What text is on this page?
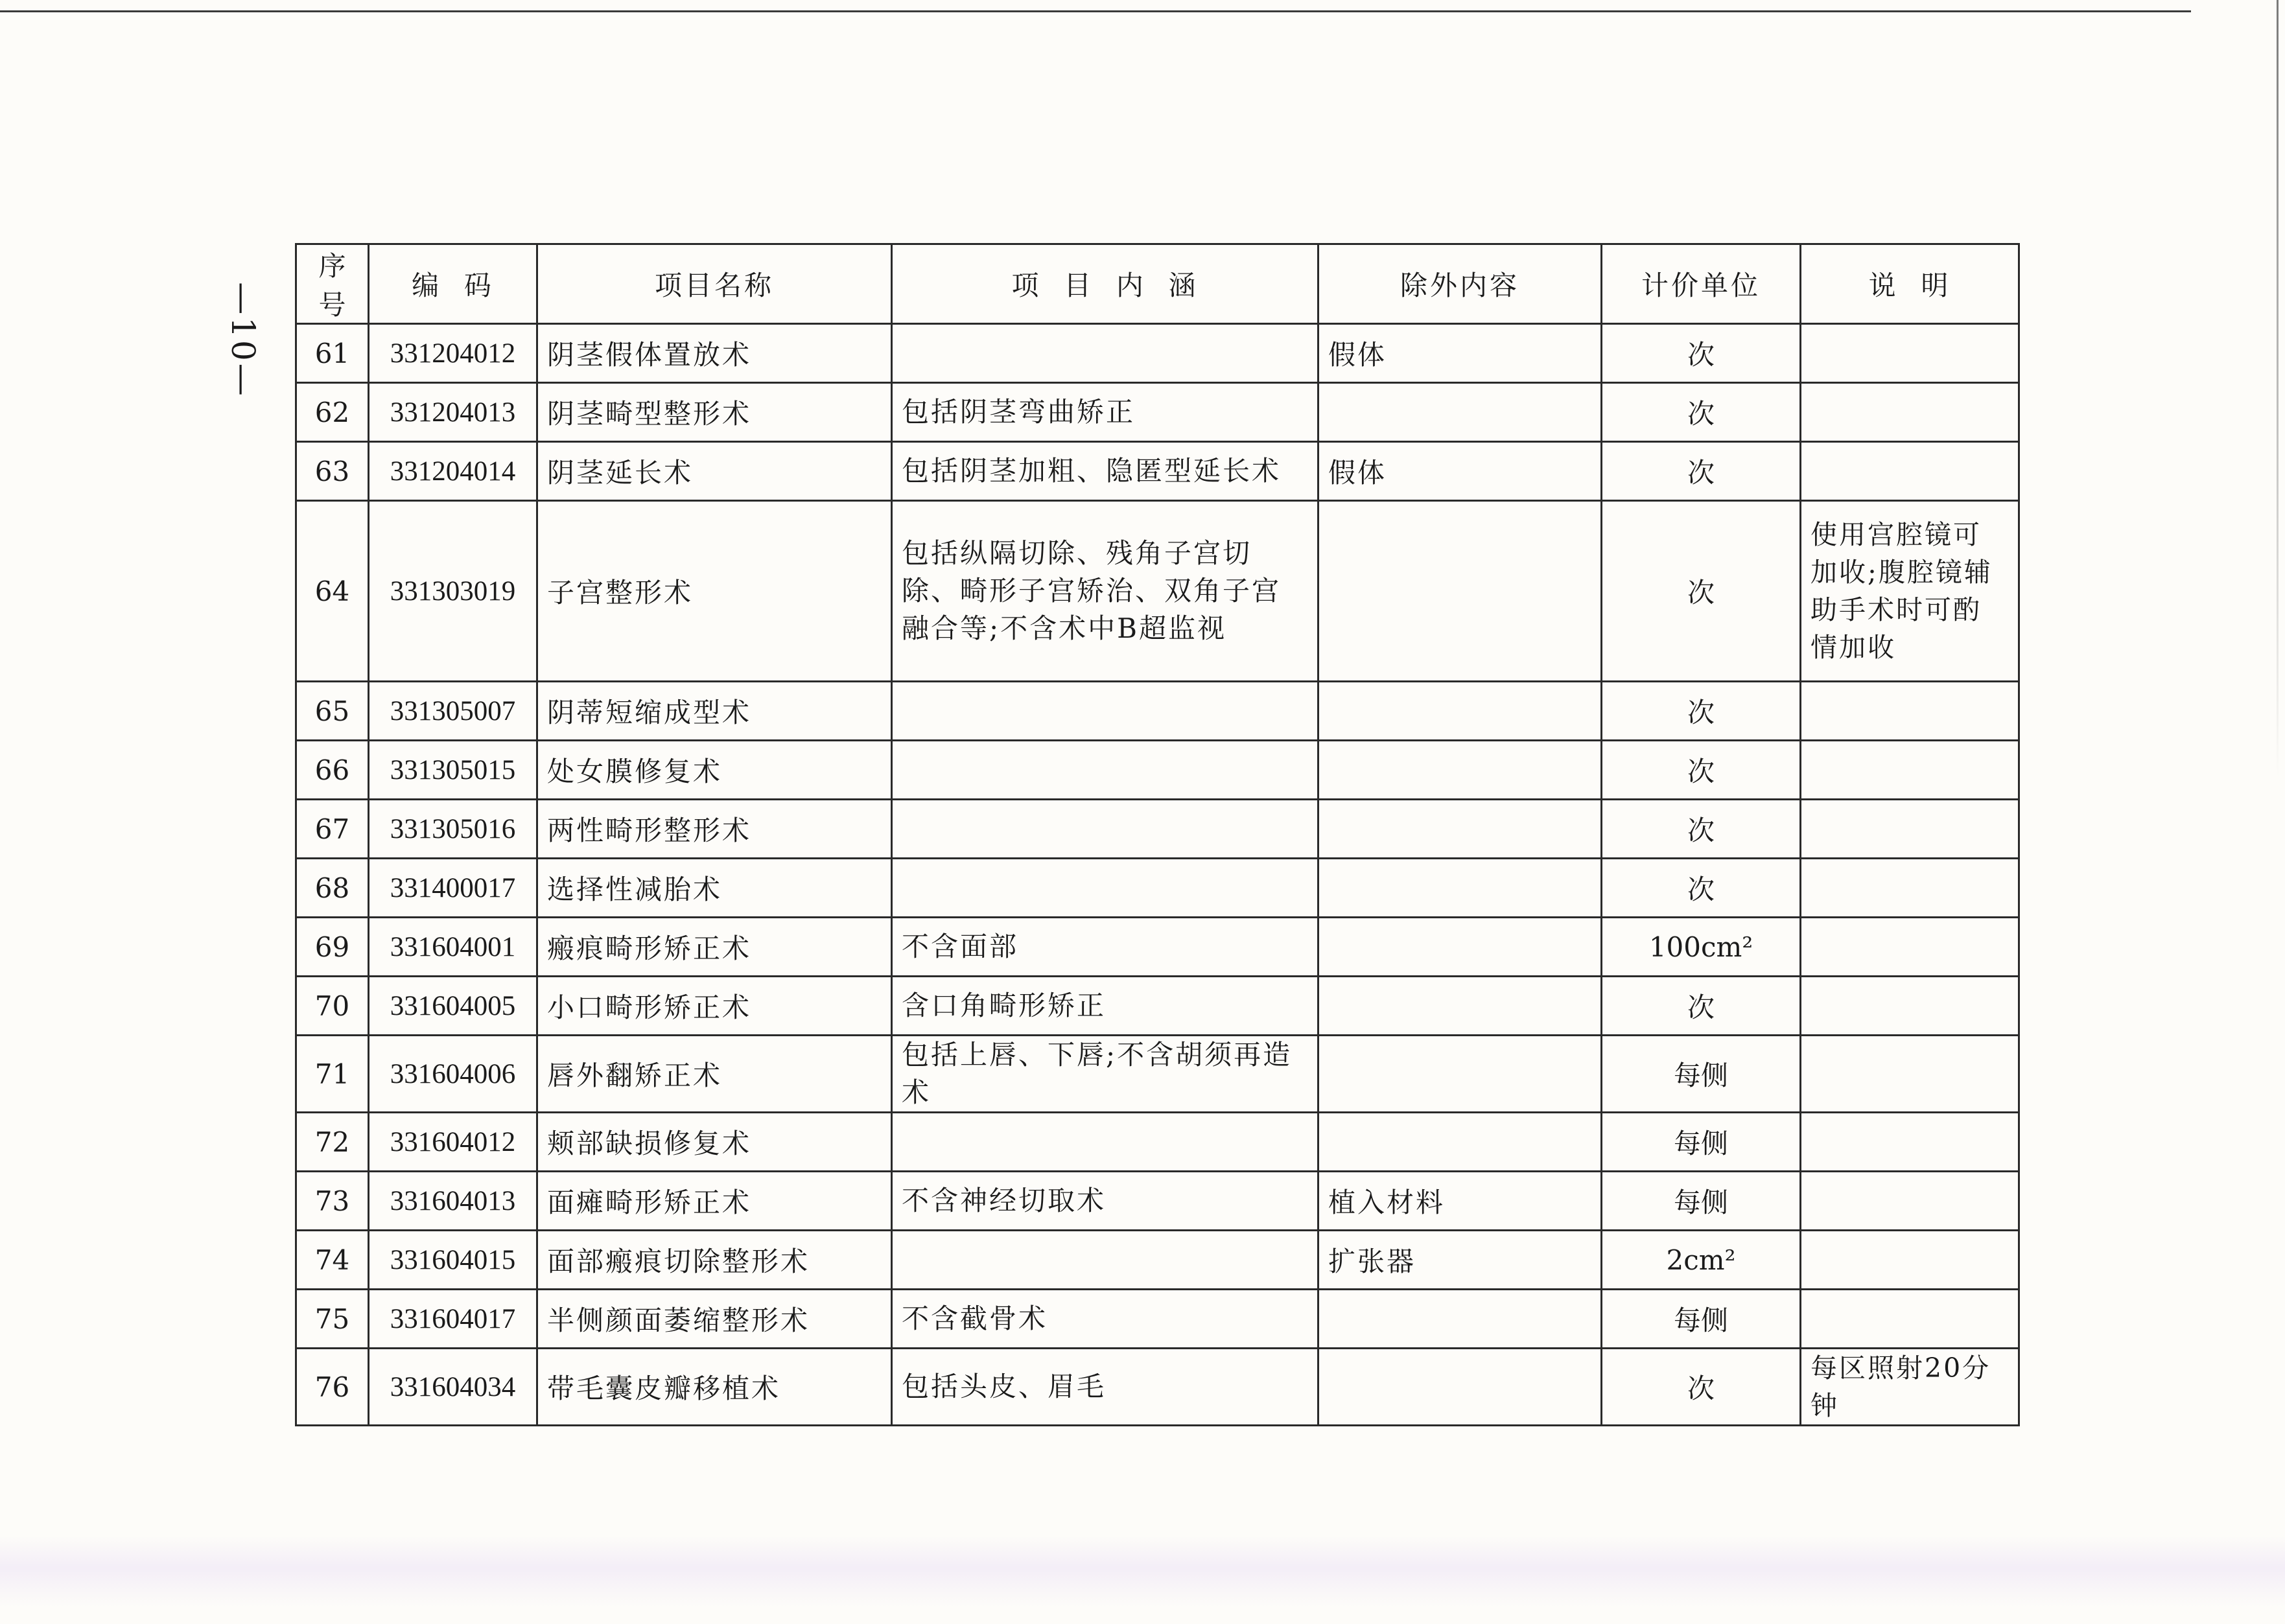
—10—
序号	编  码	项目名称	项  目  内  涵	除外内容	计价单位	说  明
61	331204012	阴茎假体置放术		假体	次	
62	331204013	阴茎畸型整形术	包括阴茎弯曲矫正		次	
63	331204014	阴茎延长术	包括阴茎加粗、隐匿型延长术	假体	次	
64	331303019	子宫整形术	包括纵隔切除、残角子宫切除、畸形子宫矫治、双角子宫融合等;不含术中B超监视		次	使用宫腔镜可加收;腹腔镜辅助手术时可酌情加收
65	331305007	阴蒂短缩成型术			次	
66	331305015	处女膜修复术			次	
67	331305016	两性畸形整形术			次	
68	331400017	选择性减胎术			次	
69	331604001	瘢痕畸形矫正术	不含面部		100cm²	
70	331604005	小口畸形矫正术	含口角畸形矫正		次	
71	331604006	唇外翻矫正术	包括上唇、下唇;不含胡须再造术		每侧	
72	331604012	颊部缺损修复术			每侧	
73	331604013	面瘫畸形矫正术	不含神经切取术	植入材料	每侧	
74	331604015	面部瘢痕切除整形术		扩张器	2cm²	
75	331604017	半侧颜面萎缩整形术	不含截骨术		每侧	
76	331604034	带毛囊皮瓣移植术	包括头皮、眉毛		次	每区照射20分钟
